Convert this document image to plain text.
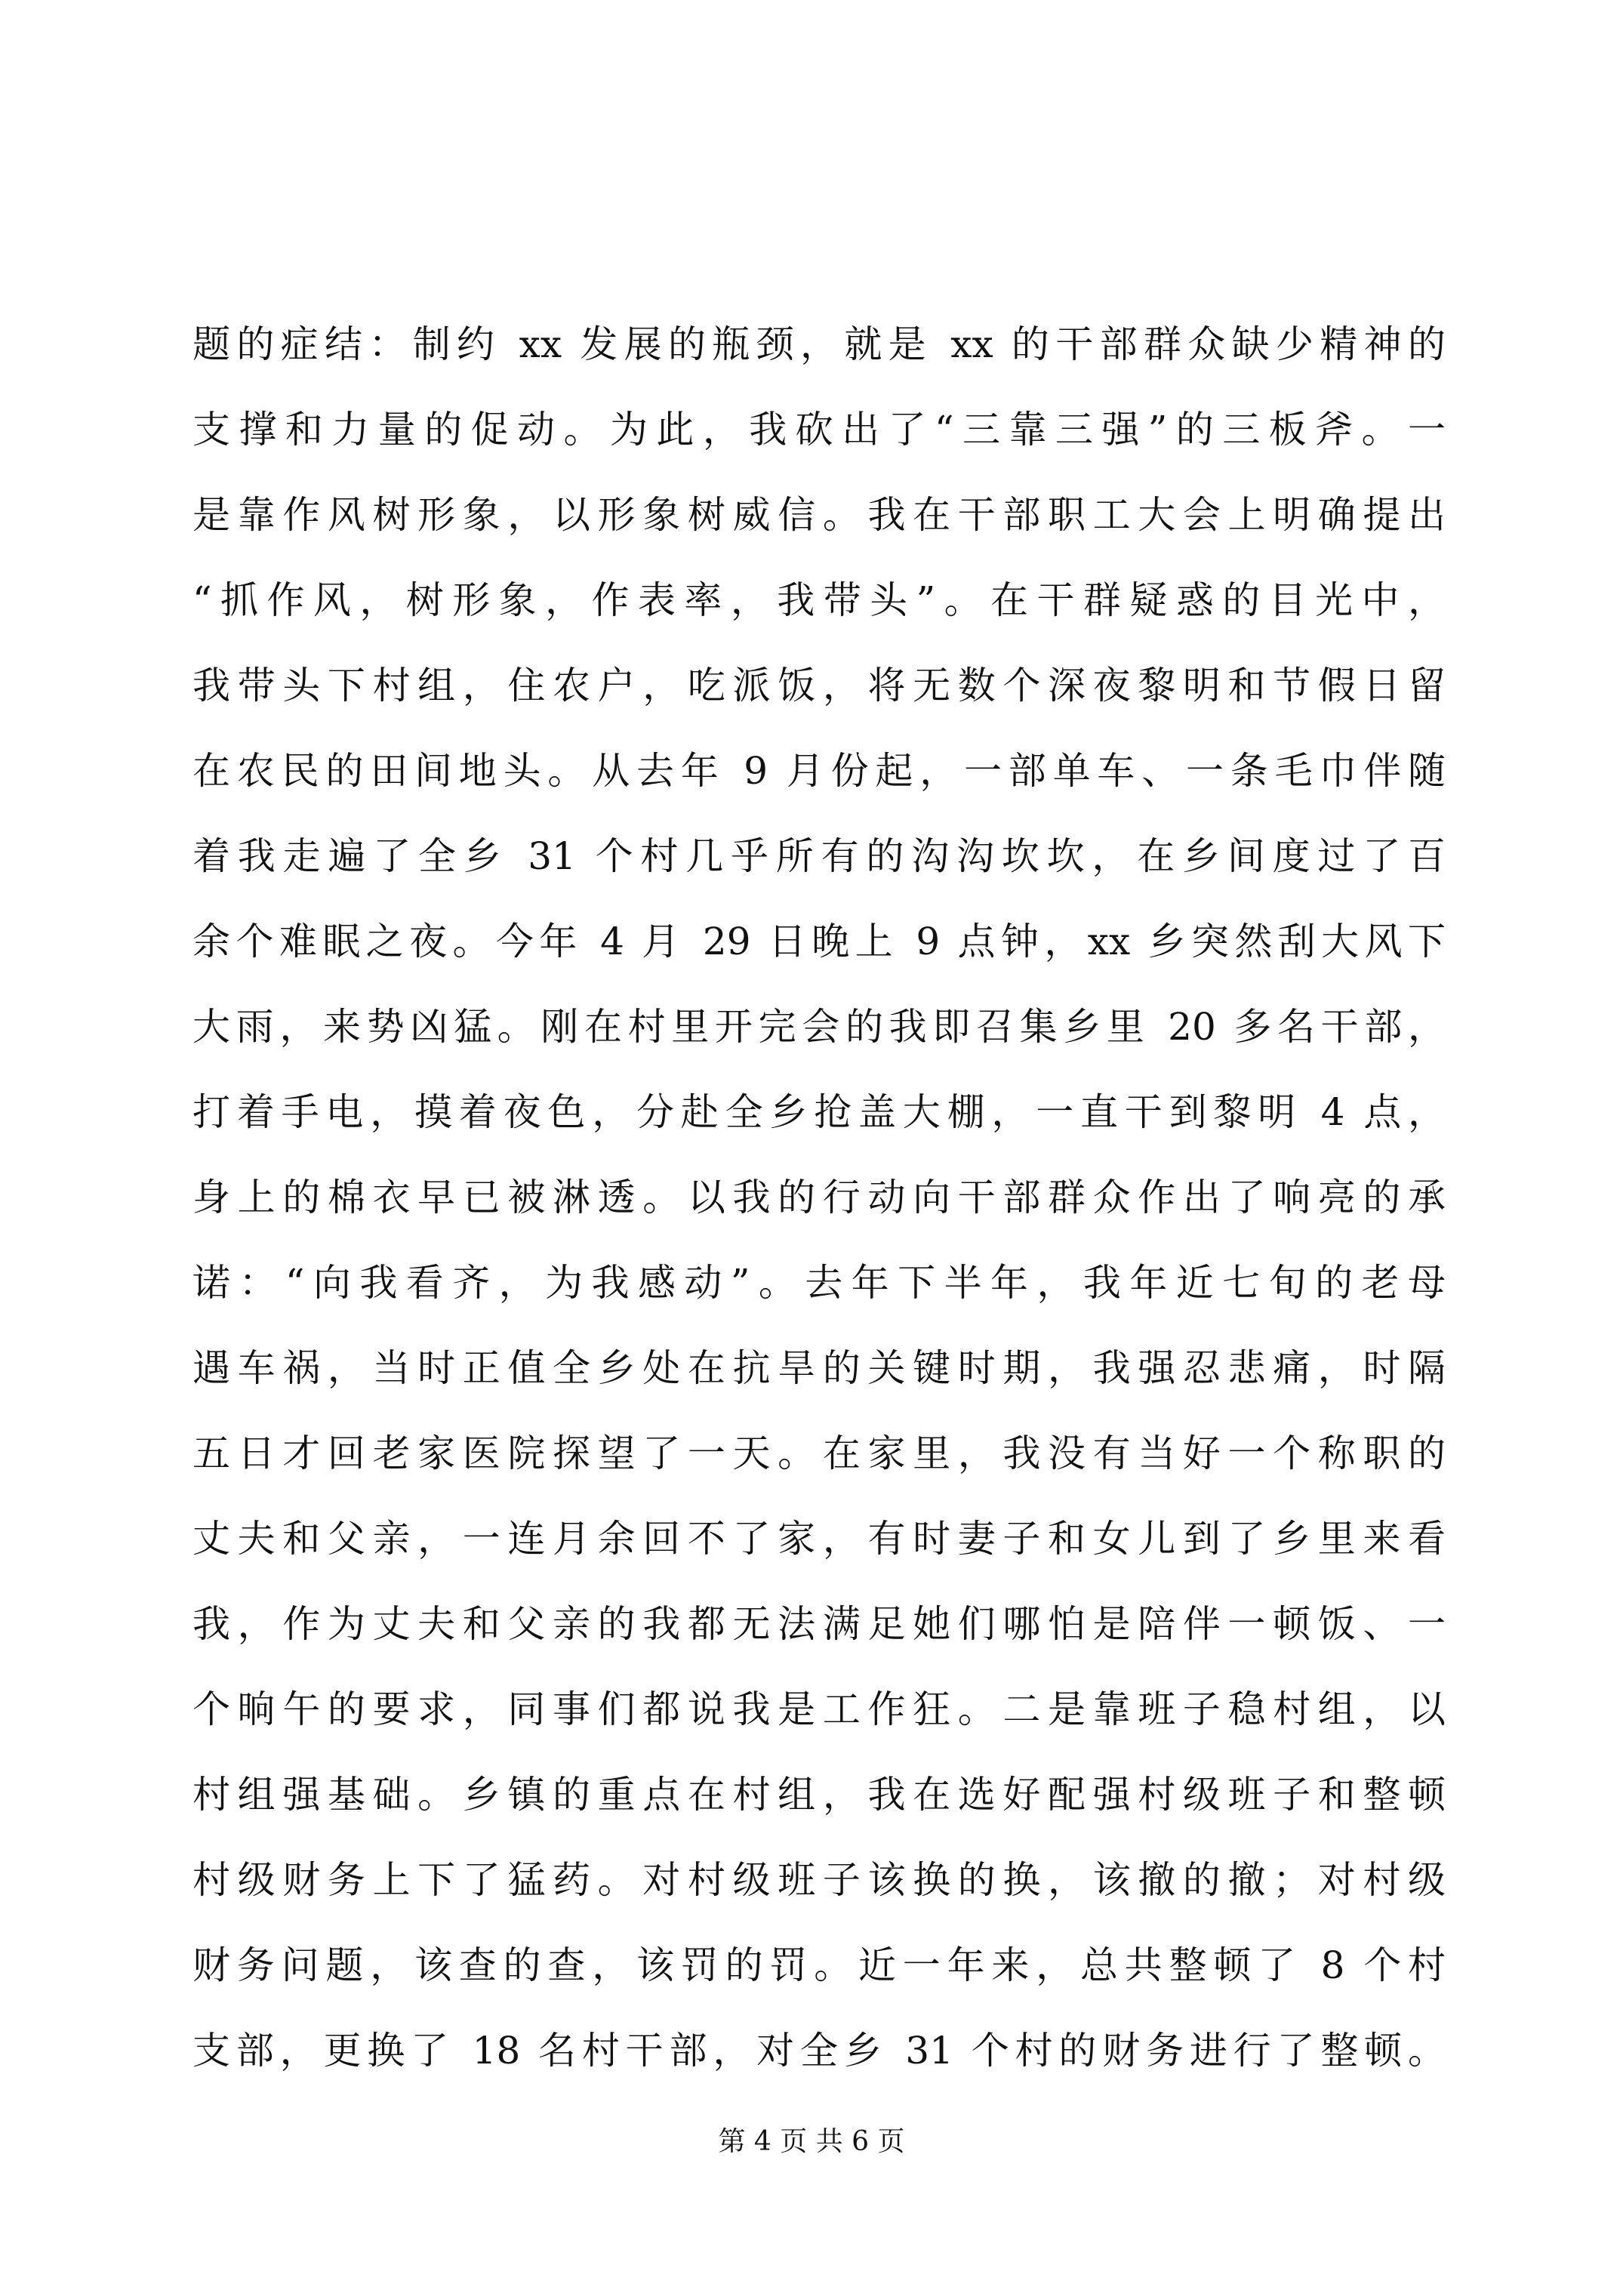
题的症结：制约 xx 发展的瓶颈，就是 xx 的干部群众缺少精神的
支撑和力量的促动。为此，我砍出了“三靠三强”的三板斧。一
是靠作风树形象，以形象树威信。我在干部职工大会上明确提出
“抓作风，树形象，作表率，我带头”。在干群疑惑的目光中，
我带头下村组，住农户，吃派饭，将无数个深夜黎明和节假日留
在农民的田间地头。从去年 9 月份起，一部单车、一条毛巾伴随
着我走遍了全乡 31 个村几乎所有的沟沟坎坎，在乡间度过了百
余个难眠之夜。今年 4 月 29 日晚上 9 点钟，xx 乡突然刮大风下
大雨，来势凶猛。刚在村里开完会的我即召集乡里 20 多名干部，
打着手电，摸着夜色，分赴全乡抢盖大棚，一直干到黎明 4 点，
身上的棉衣早已被淋透。以我的行动向干部群众作出了响亮的承
诺：“向我看齐，为我感动”。去年下半年，我年近七旬的老母
遇车祸，当时正值全乡处在抗旱的关键时期，我强忍悲痛，时隔
五日才回老家医院探望了一天。在家里，我没有当好一个称职的
丈夫和父亲，一连月余回不了家，有时妻子和女儿到了乡里来看
我，作为丈夫和父亲的我都无法满足她们哪怕是陪伴一顿饭、一
个晌午的要求，同事们都说我是工作狂。二是靠班子稳村组，以
村组强基础。乡镇的重点在村组，我在选好配强村级班子和整顿
村级财务上下了猛药。对村级班子该换的换，该撤的撤；对村级
财务问题，该查的查，该罚的罚。近一年来，总共整顿了 8 个村
支部，更换了 18 名村干部，对全乡 31 个村的财务进行了整顿。
第 4 页 共 6 页
